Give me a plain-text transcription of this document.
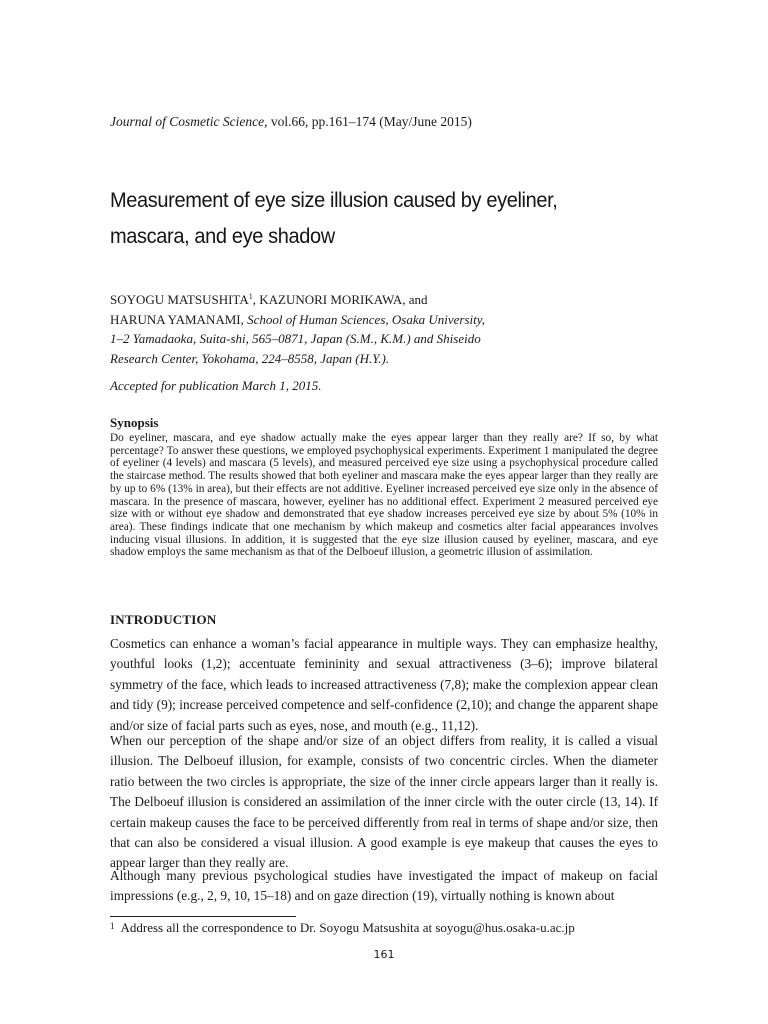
Journal of Cosmetic Science, vol.66, pp.161–174 (May/June 2015)
Measurement of eye size illusion caused by eyeliner,
mascara, and eye shadow
SOYOGU MATSUSHITA$^1$, KAZUNORI MORIKAWA, and
HARUNA YAMANAMI, School of Human Sciences, Osaka University,
1–2 Yamadaoka, Suita-shi, 565–0871, Japan (S.M., K.M.) and Shiseido
Research Center, Yokohama, 224–8558, Japan (H.Y.).
Accepted for publication March 1, 2015.
Synopsis
Do eyeliner, mascara, and eye shadow actually make the eyes appear larger than they really are? If so, by what percentage? To answer these questions, we employed psychophysical experiments. Experiment 1 manipulated the degree of eyeliner (4 levels) and mascara (5 levels), and measured perceived eye size using a psychophysical procedure called the staircase method. The results showed that both eyeliner and mascara make the eyes appear larger than they really are by up to 6% (13% in area), but their effects are not additive. Eyeliner increased perceived eye size only in the absence of mascara. In the presence of mascara, however, eyeliner has no additional effect. Experiment 2 measured perceived eye size with or without eye shadow and demonstrated that eye shadow increases perceived eye size by about 5% (10% in area). These findings indicate that one mechanism by which makeup and cosmetics alter facial appearances involves inducing visual illusions. In addition, it is suggested that the eye size illusion caused by eyeliner, mascara, and eye shadow employs the same mechanism as that of the Delboeuf illusion, a geometric illusion of assimilation.
INTRODUCTION
Cosmetics can enhance a woman’s facial appearance in multiple ways. They can emphasize healthy, youthful looks (1,2); accentuate femininity and sexual attractiveness (3–6); improve bilateral symmetry of the face, which leads to increased attractiveness (7,8); make the complexion appear clean and tidy (9); increase perceived competence and self-confidence (2,10); and change the apparent shape and/or size of facial parts such as eyes, nose, and mouth (e.g., 11,12).
When our perception of the shape and/or size of an object differs from reality, it is called a visual illusion. The Delboeuf illusion, for example, consists of two concentric circles. When the diameter ratio between the two circles is appropriate, the size of the inner circle appears larger than it really is. The Delboeuf illusion is considered an assimilation of the inner circle with the outer circle (13, 14). If certain makeup causes the face to be perceived differently from real in terms of shape and/or size, then that can also be considered a visual illusion. A good example is eye makeup that causes the eyes to appear larger than they really are.
Although many previous psychological studies have investigated the impact of makeup on facial impressions (e.g., 2, 9, 10, 15–18) and on gaze direction (19), virtually nothing is known about
$^1$ Address all the correspondence to Dr. Soyogu Matsushita at soyogu@hus.osaka-u.ac.jp
161
